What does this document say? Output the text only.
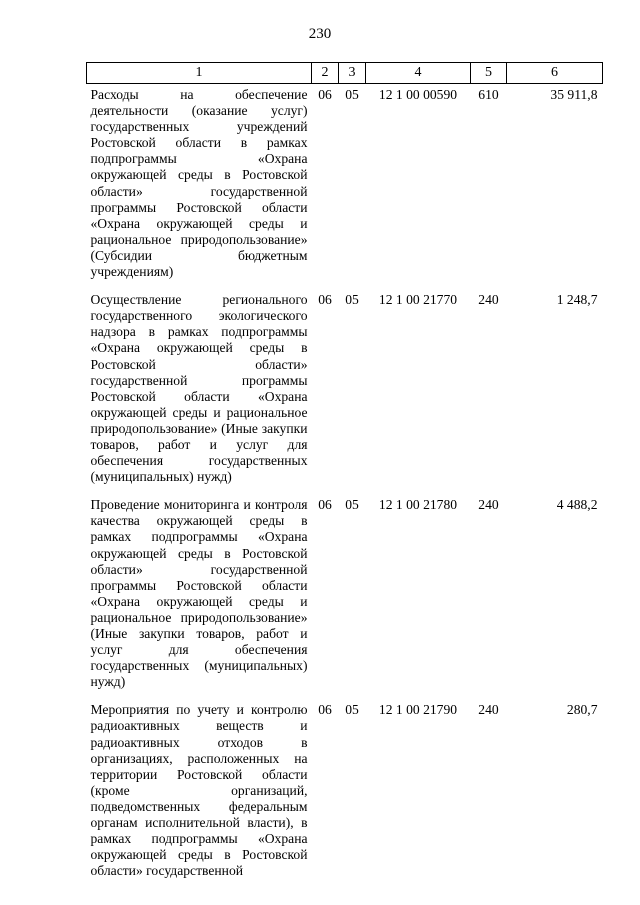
230
1	2	3	4	5	6
Расходы на обеспечение деятельности (оказание услуг) государственных учреждений Ростовской области в рамках подпрограммы «Охрана окружающей среды в Ростовской области» государственной программы Ростовской области «Охрана окружающей среды и рациональное природопользование» (Субсидии бюджетным учреждениям)	06	05	12 1 00 00590	610	35 911,8
Осуществление регионального государственного экологического надзора в рамках подпрограммы «Охрана окружающей среды в Ростовской области» государственной программы Ростовской области «Охрана окружающей среды и рациональное природопользование» (Иные закупки товаров, работ и услуг для обеспечения государственных (муниципальных) нужд)	06	05	12 1 00 21770	240	1 248,7
Проведение мониторинга и контроля качества окружающей среды в рамках подпрограммы «Охрана окружающей среды в Ростовской области» государственной программы Ростовской области «Охрана окружающей среды и рациональное природопользование» (Иные закупки товаров, работ и услуг для обеспечения государственных (муниципальных) нужд)	06	05	12 1 00 21780	240	4 488,2
Мероприятия по учету и контролю радиоактивных веществ и радиоактивных отходов в организациях, расположенных на территории Ростовской области (кроме организаций, подведомственных федеральным органам исполнительной власти), в рамках подпрограммы «Охрана окружающей среды в Ростовской области» государственной	06	05	12 1 00 21790	240	280,7
